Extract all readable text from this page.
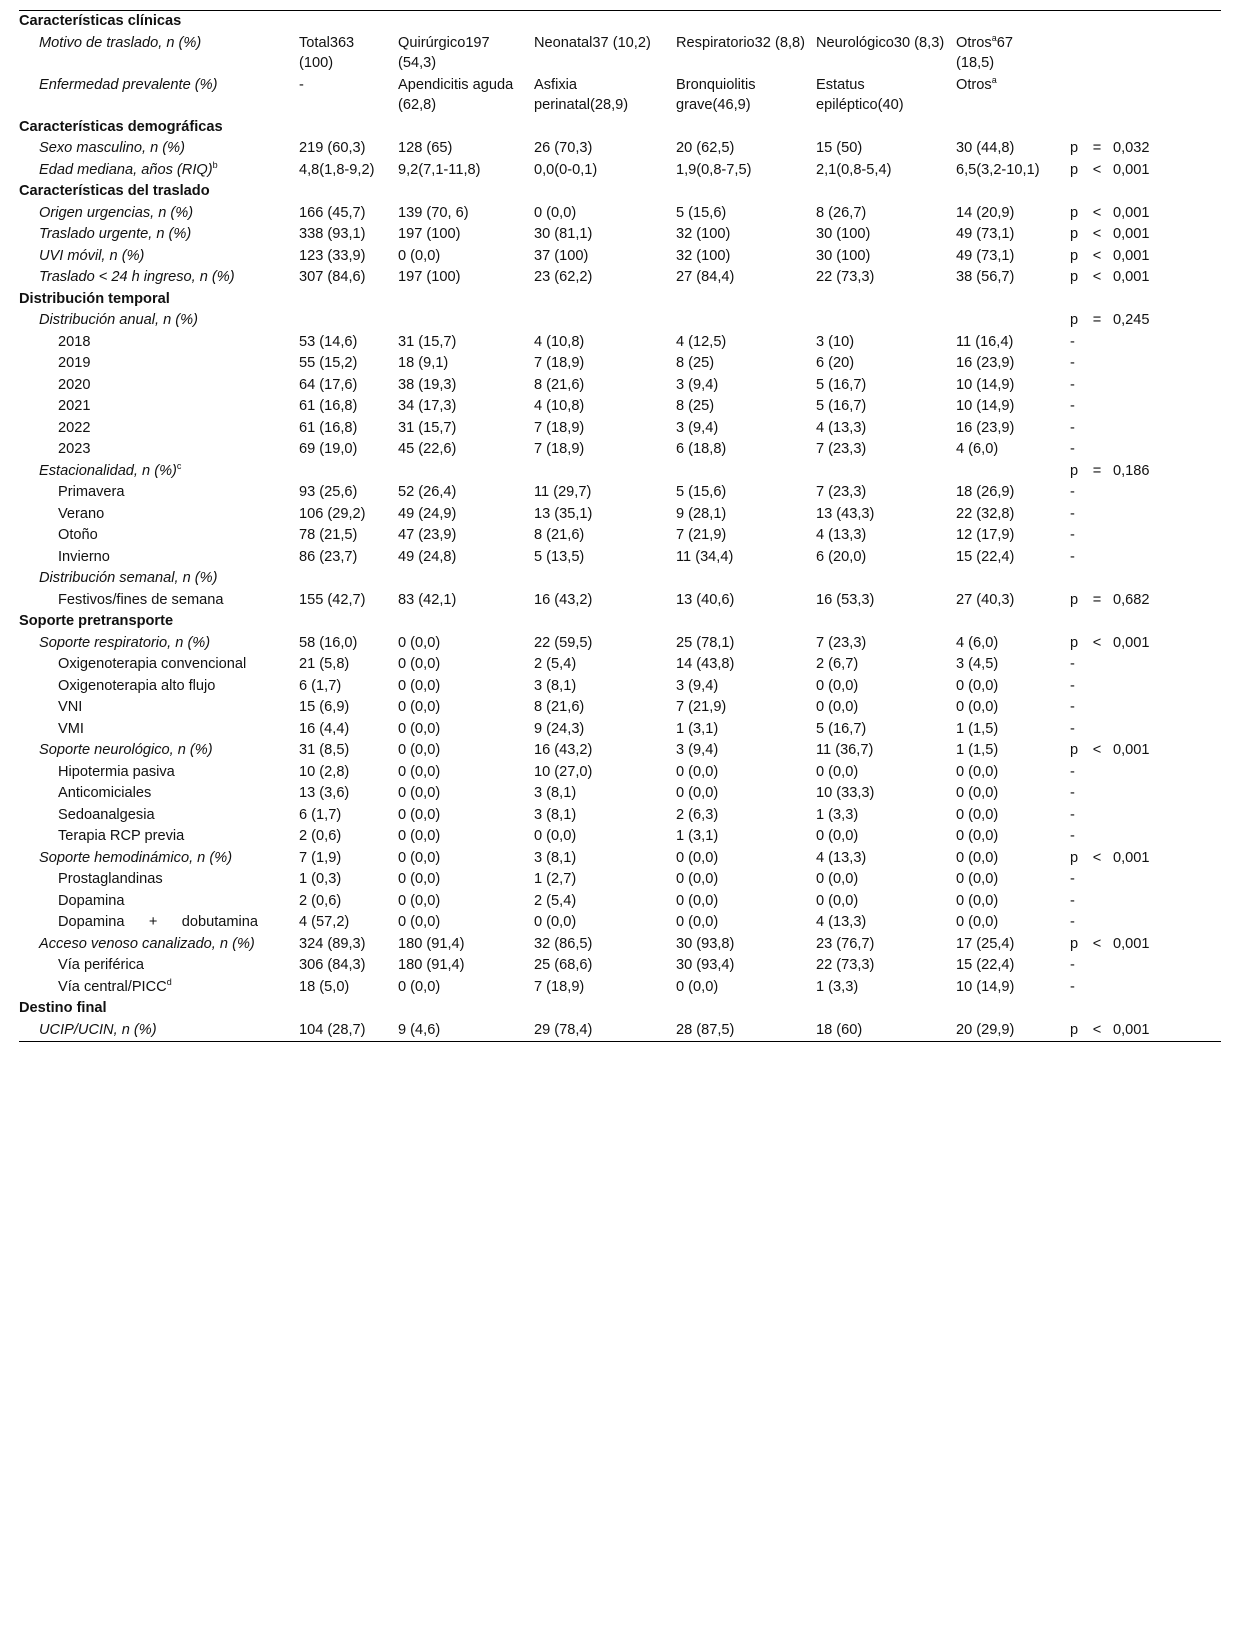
Características clínicas									
Motivo de traslado, n (%)	Total363 (100)	Quirúrgico197 (54,3)	Neonatal37 (10,2)	Respiratorio32 (8,8)	Neurológico30 (8,3)	Otros$^a$67 (18,5)			
Enfermedad prevalente (%)	-	Apendicitis aguda (62,8)	Asfixia perinatal(28,9)	Bronquiolitis grave(46,9)	Estatus epiléptico(40)	Otros$^a$			
Características demográficas									
Sexo masculino, n (%)	219 (60,3)	128 (65)	26 (70,3)	20 (62,5)	15 (50)	30 (44,8)	p	=	0,032
Edad mediana, años (RIQ)$^b$	4,8(1,8-9,2)	9,2(7,1-11,8)	0,0(0-0,1)	1,9(0,8-7,5)	2,1(0,8-5,4)	6,5(3,2-10,1)	p	<	0,001
Características del traslado									
Origen urgencias, n (%)	166 (45,7)	139 (70, 6)	0 (0,0)	5 (15,6)	8 (26,7)	14 (20,9)	p	<	0,001
Traslado urgente, n (%)	338 (93,1)	197 (100)	30 (81,1)	32 (100)	30 (100)	49 (73,1)	p	<	0,001
UVI móvil, n (%)	123 (33,9)	0 (0,0)	37 (100)	32 (100)	30 (100)	49 (73,1)	p	<	0,001
Traslado < 24 h ingreso, n (%)	307 (84,6)	197 (100)	23 (62,2)	27 (84,4)	22 (73,3)	38 (56,7)	p	<	0,001
Distribución temporal									
Distribución anual, n (%)							p	=	0,245
2018	53 (14,6)	31 (15,7)	4 (10,8)	4 (12,5)	3 (10)	11 (16,4)	-		
2019	55 (15,2)	18 (9,1)	7 (18,9)	8 (25)	6 (20)	16 (23,9)	-		
2020	64 (17,6)	38 (19,3)	8 (21,6)	3 (9,4)	5 (16,7)	10 (14,9)	-		
2021	61 (16,8)	34 (17,3)	4 (10,8)	8 (25)	5 (16,7)	10 (14,9)	-		
2022	61 (16,8)	31 (15,7)	7 (18,9)	3 (9,4)	4 (13,3)	16 (23,9)	-		
2023	69 (19,0)	45 (22,6)	7 (18,9)	6 (18,8)	7 (23,3)	4 (6,0)	-		
Estacionalidad, n (%)$^c$							p	=	0,186
Primavera	93 (25,6)	52 (26,4)	11 (29,7)	5 (15,6)	7 (23,3)	18 (26,9)	-		
Verano	106 (29,2)	49 (24,9)	13 (35,1)	9 (28,1)	13 (43,3)	22 (32,8)	-		
Otoño	78 (21,5)	47 (23,9)	8 (21,6)	7 (21,9)	4 (13,3)	12 (17,9)	-		
Invierno	86 (23,7)	49 (24,8)	5 (13,5)	11 (34,4)	6 (20,0)	15 (22,4)	-		
Distribución semanal, n (%)									
Festivos/fines de semana	155 (42,7)	83 (42,1)	16 (43,2)	13 (40,6)	16 (53,3)	27 (40,3)	p	=	0,682
Soporte pretransporte									
Soporte respiratorio, n (%)	58 (16,0)	0 (0,0)	22 (59,5)	25 (78,1)	7 (23,3)	4 (6,0)	p	<	0,001
Oxigenoterapia convencional	21 (5,8)	0 (0,0)	2 (5,4)	14 (43,8)	2 (6,7)	3 (4,5)	-		
Oxigenoterapia alto flujo	6 (1,7)	0 (0,0)	3 (8,1)	3 (9,4)	0 (0,0)	0 (0,0)	-		
VNI	15 (6,9)	0 (0,0)	8 (21,6)	7 (21,9)	0 (0,0)	0 (0,0)	-		
VMI	16 (4,4)	0 (0,0)	9 (24,3)	1 (3,1)	5 (16,7)	1 (1,5)	-		
Soporte neurológico, n (%)	31 (8,5)	0 (0,0)	16 (43,2)	3 (9,4)	11 (36,7)	1 (1,5)	p	<	0,001
Hipotermia pasiva	10 (2,8)	0 (0,0)	10 (27,0)	0 (0,0)	0 (0,0)	0 (0,0)	-		
Anticomiciales	13 (3,6)	0 (0,0)	3 (8,1)	0 (0,0)	10 (33,3)	0 (0,0)	-		
Sedoanalgesia	6 (1,7)	0 (0,0)	3 (8,1)	2 (6,3)	1 (3,3)	0 (0,0)	-		
Terapia RCP previa	2 (0,6)	0 (0,0)	0 (0,0)	1 (3,1)	0 (0,0)	0 (0,0)	-		
Soporte hemodinámico, n (%)	7 (1,9)	0 (0,0)	3 (8,1)	0 (0,0)	4 (13,3)	0 (0,0)	p	<	0,001
Prostaglandinas	1 (0,3)	0 (0,0)	1 (2,7)	0 (0,0)	0 (0,0)	0 (0,0)	-		
Dopamina	2 (0,6)	0 (0,0)	2 (5,4)	0 (0,0)	0 (0,0)	0 (0,0)	-		
Dopamina + dobutamina	4 (57,2)	0 (0,0)	0 (0,0)	0 (0,0)	4 (13,3)	0 (0,0)	-		
Acceso venoso canalizado, n (%)	324 (89,3)	180 (91,4)	32 (86,5)	30 (93,8)	23 (76,7)	17 (25,4)	p	<	0,001
Vía periférica	306 (84,3)	180 (91,4)	25 (68,6)	30 (93,4)	22 (73,3)	15 (22,4)	-		
Vía central/PICC$^d$	18 (5,0)	0 (0,0)	7 (18,9)	0 (0,0)	1 (3,3)	10 (14,9)	-		
Destino final									
UCIP/UCIN, n (%)	104 (28,7)	9 (4,6)	29 (78,4)	28 (87,5)	18 (60)	20 (29,9)	p	<	0,001
